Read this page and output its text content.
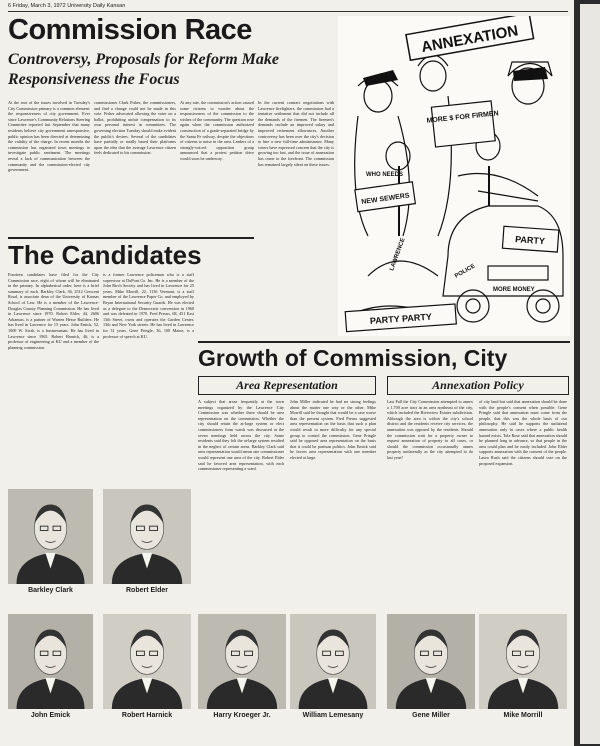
6 Friday, March 3, 1972 University Daily Kansan
Commission Race
Controversy, Proposals for Reform Make Responsiveness the Focus
At the root of the issues involved in Tuesday's City Commission primary is a common element: the responsiveness of city government. Ever since Lawrence's Community Relations Steering Committee reported last September that many residents believe city government unresponsive, public opinion has been directed at determining the validity of the charge. In recent months the commission has organized town meetings to investigate public sentiment. The meetings reveal a lack of communication between the community and the commission-elected city government.
commissioner Clark Fisher, the commissioners, and find a change could not be made in this vote. Fisher advocated allowing the voter on a ballot, prohibiting unfair compensation to its own personal interest in committees. The governing election Tuesday should make evident the public's desires. Several of the candidates have partially or totally based their platforms upon the idea that the average Lawrence citizen feels dedicated to his commission.
At any rate, the commission's action caused some citizens to wonder about the responsiveness of the commission to the wishes of the community. The question rose again when the commission authorized construction of a grade-separated bridge by the Santa Fe railway, despite the objections of citizens to noise in the area. Leaders of a strongly-voiced opposition group announced that a protest petition drive would soon be underway.
In the current contract negotiations with Lawrence firefighters, the commission had a tentative settlement that did not include all the demands of the firemen. The firemen's demands include an improved salary and improved retirement allowances. Another controversy has been over the city's decision to hire a new full-time administrator. Many voters have expressed concern that the city is growing too fast, and the issue of annexation has come to the forefront. The commission has remained largely silent on these issues.
The Candidates
Fourteen candidates have filed for the City Commission race, eight of whom will be eliminated in the primary. In alphabetical order, here is a brief summary of each. Barkley Clark, 36, 2512 Crescent Road, is associate dean of the University of Kansas School of Law. He is a member of the Lawrence-Douglas County Planning Commission. He has lived in Lawrence since 1970. Robert Elder, 44, 2606 Arkansas, is a partner of Warren Hesse Builders. He has lived in Lawrence for 15 years. John Emick, 52, 1000 W. Sixth, is a businessman. He has lived in Lawrence since 1965. Robert Harnick, 46, is a professor of engineering at KU and a member of the planning commission.
is a former Lawrence policeman who is a staff supervisor at DuPont Co. Inc. He is a member of the John Birch Society and has lived in Lawrence for 25 years. Mike Morrill, 22, 1136 Vermont, is a staff member of the Lawrence Paper Co. and employed by Bryan International Security Guards. He was elected as a delegate to the Democratic convention in 1960 and was defeated in 1970. Fred Preuss, 68, 451 East 13th Street, owns and operates the Garden Center, 13th and New York streets. He has lived in Lawrence for 31 years. Gene Pringle, 36, 108 Maine, is a professor of speech at KU.
ANNEXATION
MORE $ FOR FIRMEN
NEW SEWERS
WHO NEEDS
PARTY
MORE MONEY
POLICE
LAWRENCE
PARTY PARTY
Growth of Commission, City
Area Representation	Annexation Policy
A subject that arose frequently at the town meetings organized by the Lawrence City Commission was whether there should be area representation on the commission. Whether the city should retain the at-large system or elect commissioners from wards was discussed at the seven meetings held across the city. Some residents said they felt the at-large system resulted in the neglect of certain areas. Barkley Clark said area representation would mean one commissioner would represent one area of the city. Robert Elder said he favored area representation, with each commissioner representing a ward.
John Miller indicated he had no strong feelings about the matter one way or the other. Mike Morrill said he thought that would be a case worse than the present system. Fred Preuss suggested area representation on the basis that such a plan would result in more difficulty for any special group to control the commission. Gene Pringle said he opposed area representation on the basis that it could be partisan politics. John Emick said he favors area representation with one member elected at large.
Last Fall the City Commission attempted to annex a 1,700 acre tract in an area northeast of the city, which included the Riverview Estates subdivision. Although the area is within the city's school district and the residents receive city services, the annexation was opposed by the residents. Should the commission wait for a property owner to request annexation of property to all cases, or should the commission occasionally annex property unilaterally as the city attempted to do last year?
of city land but said that annexation should be done with the people's consent when possible. Gene Pringle said that annexation must come from the people, that this was the whole basis of our philosophy. He said he supports the unilateral annexation only in cases where a public health hazard exists. Tola Rose said that annexation should be planned long in advance, so that people in the area could plan and be easily included. John Elder supports annexation with the consent of the people. Laura Rush said the citizens should vote on the proposed expansion.
Barkley Clark	Robert Elder
John Emick	Robert Harnick	Harry Kroeger Jr.	William Lemesany	Gene Miller	Mike Morrill
